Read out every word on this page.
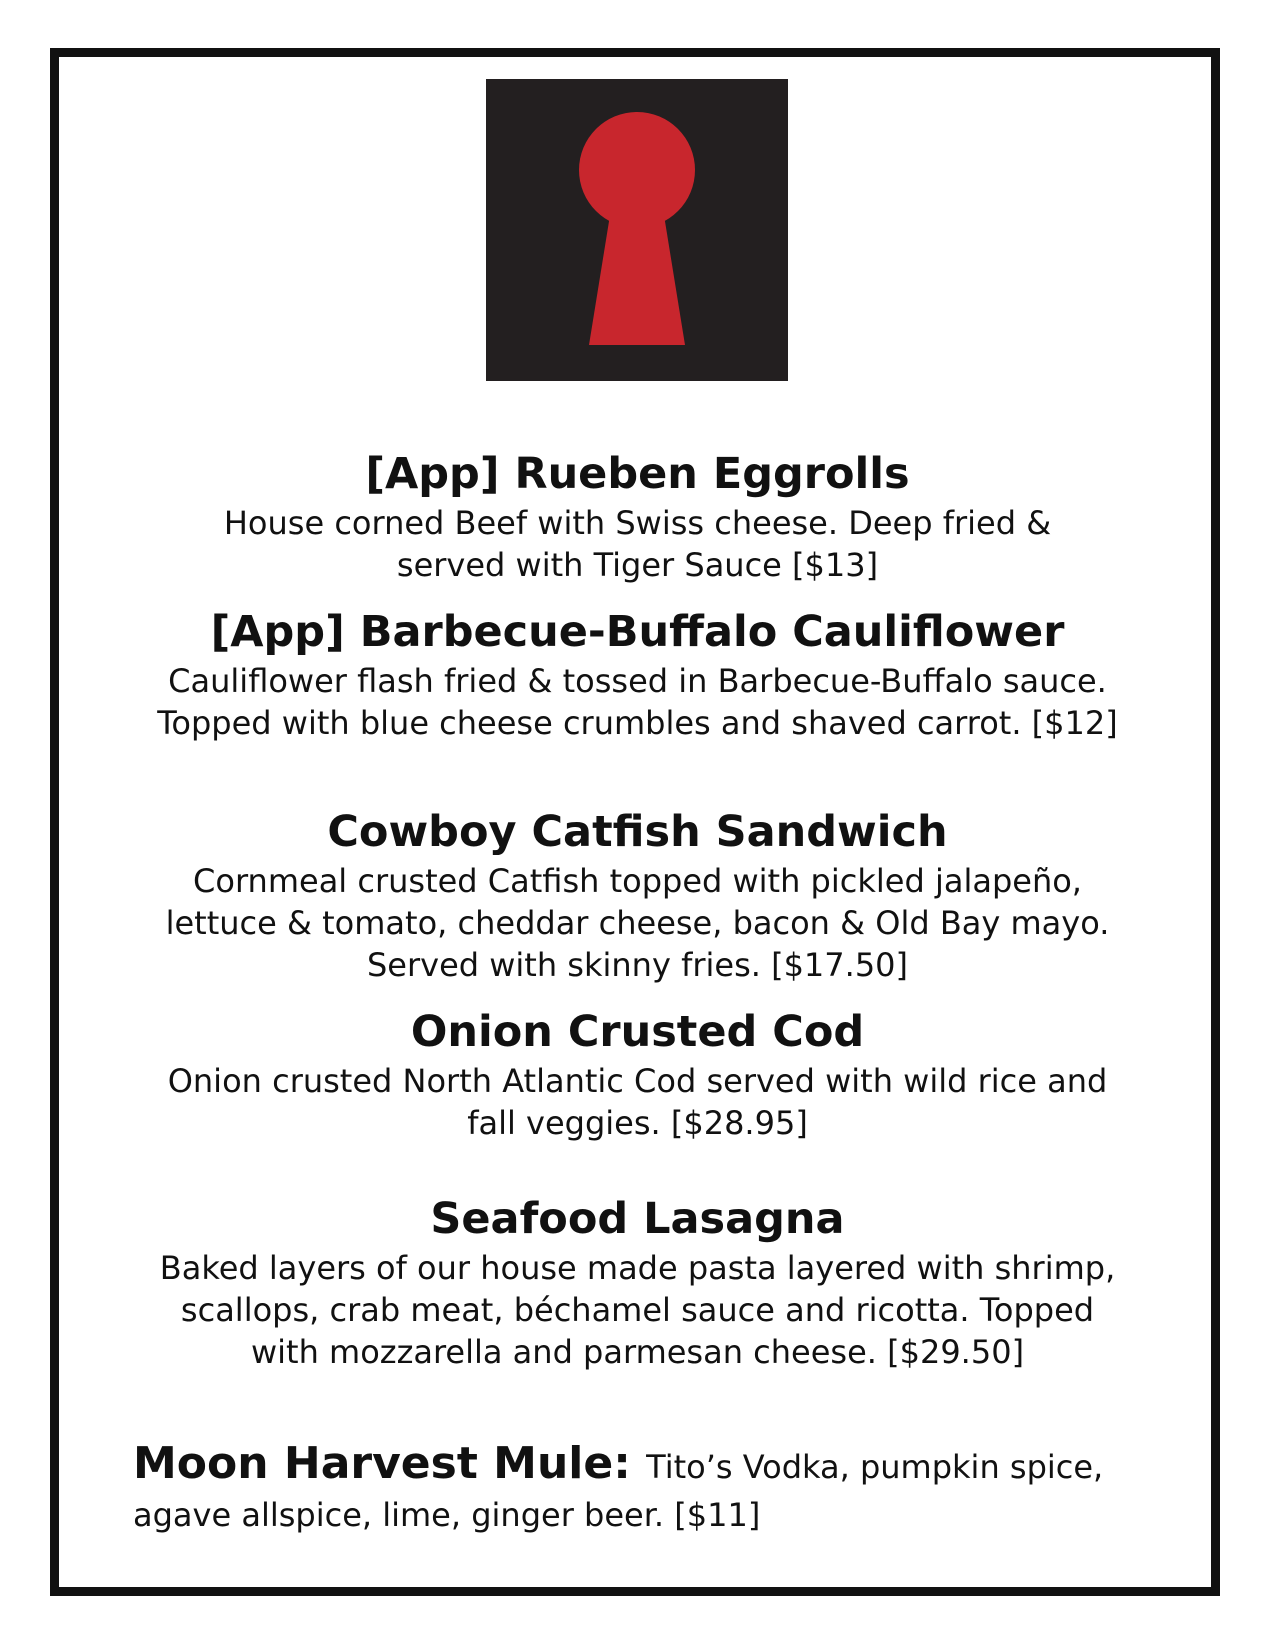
[App] Rueben Eggrolls

House corned Beef with Swiss cheese. Deep fried & served with Tiger Sauce [$13]

[App] Barbecue-Buffalo Cauliflower

Cauliflower flash fried & tossed in Barbecue-Buffalo sauce. Topped with blue cheese crumbles and shaved carrot. [$12]

Cowboy Catfish Sandwich

Cornmeal crusted Catfish topped with pickled jalapeño, lettuce & tomato, cheddar cheese, bacon & Old Bay mayo. Served with skinny fries. [$17.50]

Onion Crusted Cod

Onion crusted North Atlantic Cod served with wild rice and fall veggies. [$28.95]

Seafood Lasagna

Baked layers of our house made pasta layered with shrimp, scallops, crab meat, béchamel sauce and ricotta. Topped with mozzarella and parmesan cheese. [$29.50]

Moon Harvest Mule: Tito’s Vodka, pumpkin spice, agave allspice, lime, ginger beer. [$11]
